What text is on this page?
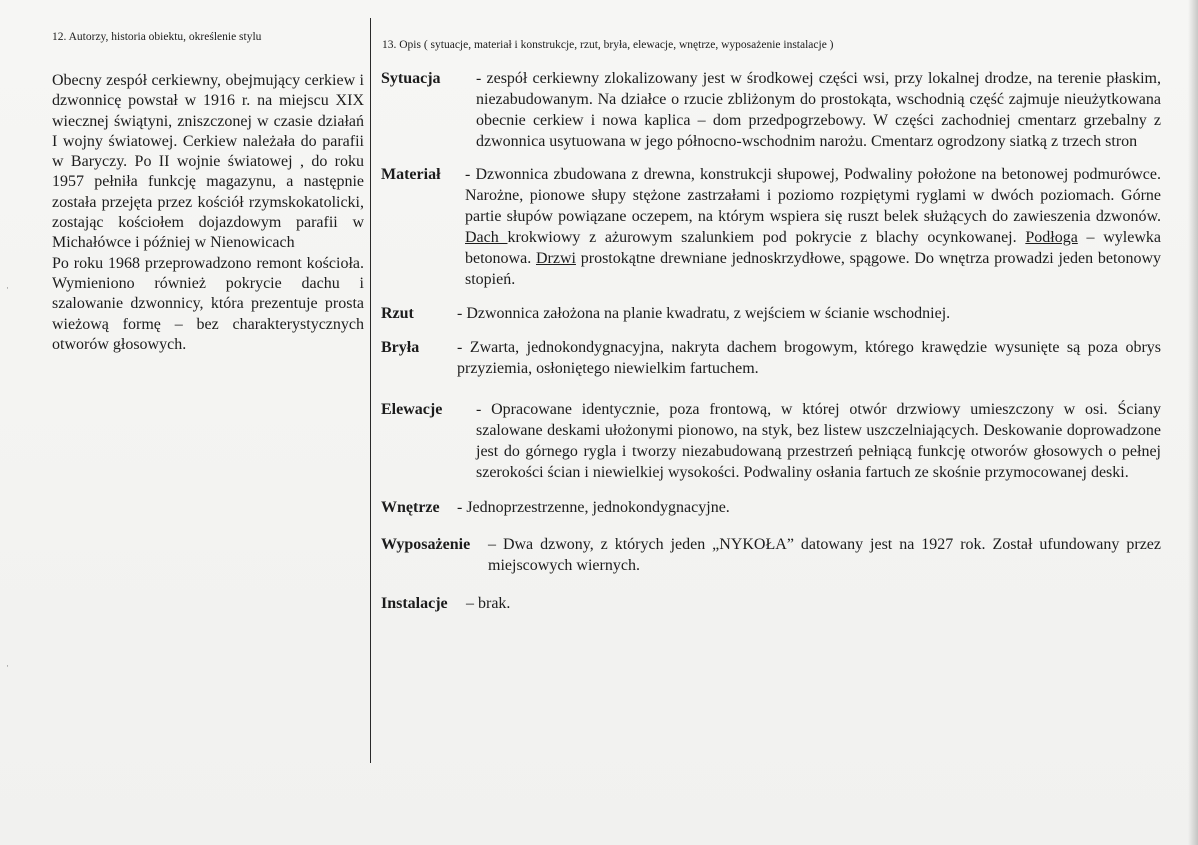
·
·

12. Autorzy, historia obiektu, określenie stylu

Obecny zespół cerkiewny, obejmujący cerkiew i dzwonnicę powstał w 1916 r. na miejscu XIX wiecznej świątyni, zniszczonej w czasie działań I wojny światowej. Cerkiew należała do parafii w Baryczy. Po II wojnie światowej , do roku 1957 pełniła funkcję magazynu, a następnie została przejęta przez kościół rzymskokatolicki, zostając kościołem dojazdowym parafii w Michałówce i później w Nienowicach

Po roku 1968 przeprowadzono remont kościoła. Wymieniono również pokrycie dachu i szalowanie dzwonnicy, która prezentuje prosta wieżową formę – bez charakterystycznych otworów głosowych.

13. Opis ( sytuacje, materiał i konstrukcje, rzut, bryła, elewacje, wnętrze, wyposażenie instalacje )

Sytuacja - zespół cerkiewny zlokalizowany jest w środkowej części wsi, przy lokalnej drodze, na terenie płaskim, niezabudowanym. Na działce o rzucie zbliżonym do prostokąta, wschodnią część zajmuje nieużytkowana obecnie cerkiew i nowa kaplica – dom przedpogrzebowy. W części zachodniej cmentarz grzebalny z dzwonnica usytuowana w jego północno-wschodnim narożu. Cmentarz ogrodzony siatką z trzech stron
Materiał - Dzwonnica zbudowana z drewna, konstrukcji słupowej, Podwaliny położone na betonowej podmurówce. Narożne, pionowe słupy stężone zastrzałami i poziomo rozpiętymi ryglami w dwóch poziomach. Górne partie słupów powiązane oczepem, na którym wspiera się ruszt belek służących do zawieszenia dzwonów. Dach krokwiowy z ażurowym szalunkiem pod pokrycie z blachy ocynkowanej. Podłoga – wylewka betonowa. Drzwi prostokątne drewniane jednoskrzydłowe, spągowe. Do wnętrza prowadzi jeden betonowy stopień.
Rzut	- Dzwonnica założona na planie kwadratu, z wejściem w ścianie wschodniej.
Bryła - Zwarta, jednokondygnacyjna, nakryta dachem brogowym, którego krawędzie wysunięte są poza obrys przyziemia, osłoniętego niewielkim fartuchem.
Elewacje - Opracowane identycznie, poza frontową, w której otwór drzwiowy umieszczony w osi. Ściany szalowane deskami ułożonymi pionowo, na styk, bez listew uszczelniających. Deskowanie doprowadzone jest do górnego rygla i tworzy niezabudowaną przestrzeń pełniącą funkcję otworów głosowych o pełnej szerokości ścian i niewielkiej wysokości. Podwaliny osłania fartuch ze skośnie przymocowanej deski.
Wnętrze - Jednoprzestrzenne, jednokondygnacyjne.
Wyposażenie – Dwa dzwony, z których jeden „NYKOŁA” datowany jest na 1927 rok. Został ufundowany przez miejscowych wiernych.
Instalacje – brak.
